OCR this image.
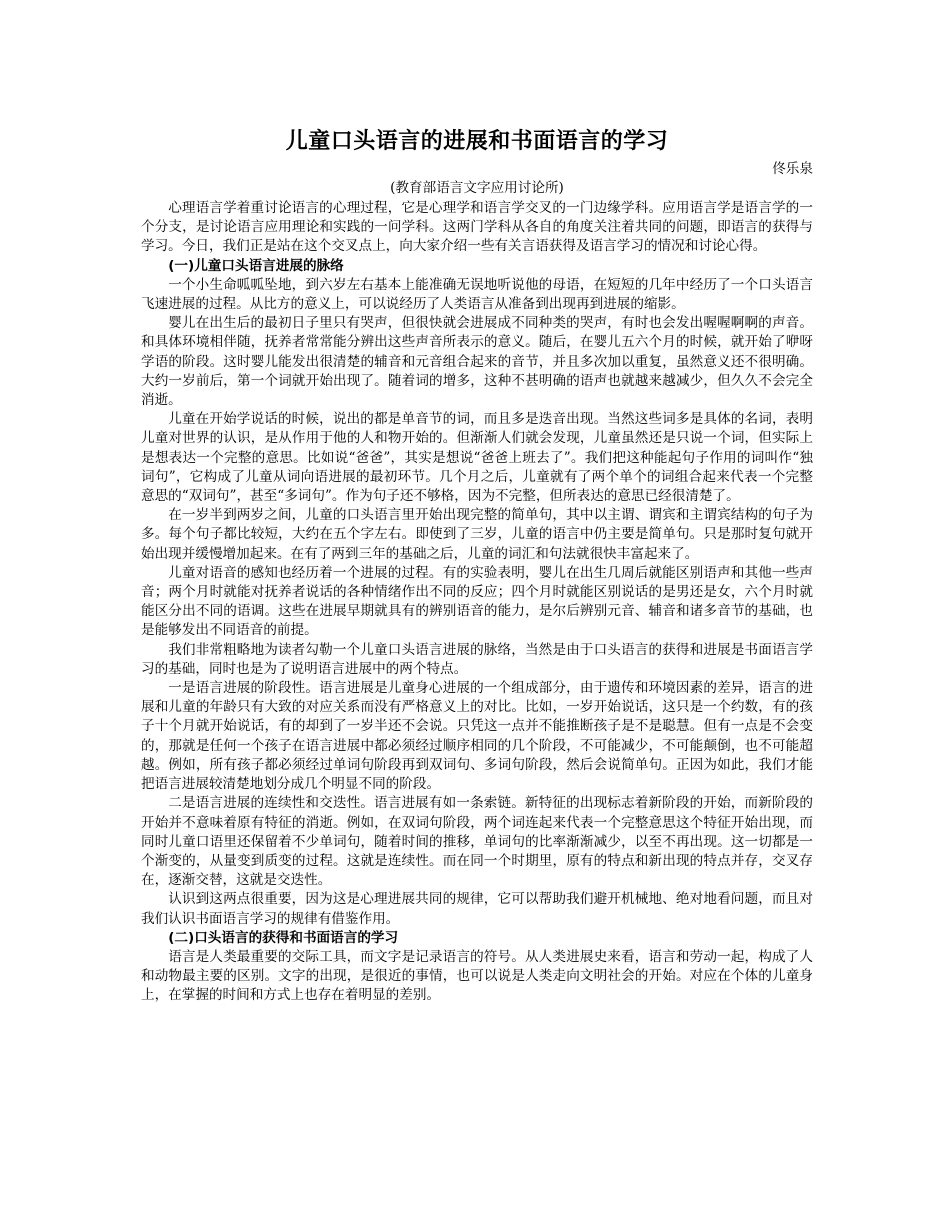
儿童口头语言的进展和书面语言的学习

佟乐泉

(教育部语言文字应用讨论所)

心理语言学着重讨论语言的心理过程，它是心理学和语言学交叉的一门边缘学科。应用语言学是语言学的一个分支，是讨论语言应用理论和实践的一问学科。这两门学科从各自的角度关注着共同的问题，即语言的获得与学习。今日，我们正是站在这个交叉点上，向大家介绍一些有关言语获得及语言学习的情况和讨论心得。

(一)儿童口头语言进展的脉络

一个小生命呱呱坠地，到六岁左右基本上能准确无误地听说他的母语，在短短的几年中经历了一个口头语言飞速进展的过程。从比方的意义上，可以说经历了人类语言从准备到出现再到进展的缩影。

婴儿在出生后的最初日子里只有哭声，但很快就会进展成不同种类的哭声，有时也会发出喔喔啊啊的声音。和具体环境相伴随，抚养者常常能分辨出这些声音所表示的意义。随后，在婴儿五六个月的时候，就开始了咿呀学语的阶段。这时婴儿能发出很清楚的辅音和元音组合起来的音节，并且多次加以重复，虽然意义还不很明确。大约一岁前后，第一个词就开始出现了。随着词的增多，这种不甚明确的语声也就越来越减少，但久久不会完全消逝。

儿童在开始学说话的时候，说出的都是单音节的词，而且多是迭音出现。当然这些词多是具体的名词，表明儿童对世界的认识，是从作用于他的人和物开始的。但渐渐人们就会发现，儿童虽然还是只说一个词，但实际上是想表达一个完整的意思。比如说“爸爸”，其实是想说“爸爸上班去了”。我们把这种能起句子作用的词叫作“独词句”，它构成了儿童从词向语进展的最初环节。几个月之后，儿童就有了两个单个的词组合起来代表一个完整意思的“双词句”，甚至“多词句”。作为句子还不够格，因为不完整，但所表达的意思已经很清楚了。

在一岁半到两岁之间，儿童的口头语言里开始出现完整的简单句，其中以主谓、谓宾和主谓宾结构的句子为多。每个句子都比较短，大约在五个字左右。即使到了三岁，儿童的语言中仍主要是简单句。只是那时复句就开始出现并缓慢增加起来。在有了两到三年的基础之后，儿童的词汇和句法就很快丰富起来了。

儿童对语音的感知也经历着一个进展的过程。有的实验表明，婴儿在出生几周后就能区别语声和其他一些声音；两个月时就能对抚养者说话的各种情绪作出不同的反应；四个月时就能区别说话的是男还是女，六个月时就能区分出不同的语调。这些在进展早期就具有的辨别语音的能力，是尔后辨别元音、辅音和诸多音节的基础，也是能够发出不同语音的前提。

我们非常粗略地为读者勾勒一个儿童口头语言进展的脉络，当然是由于口头语言的获得和进展是书面语言学习的基础，同时也是为了说明语言进展中的两个特点。

一是语言进展的阶段性。语言进展是儿童身心进展的一个组成部分，由于遗传和环境因素的差异，语言的进展和儿童的年龄只有大致的对应关系而没有严格意义上的对比。比如，一岁开始说话，这只是一个约数，有的孩子十个月就开始说话，有的却到了一岁半还不会说。只凭这一点并不能推断孩子是不是聪慧。但有一点是不会变的，那就是任何一个孩子在语言进展中都必须经过顺序相同的几个阶段，不可能减少，不可能颠倒，也不可能超越。例如，所有孩子都必须经过单词句阶段再到双词句、多词句阶段，然后会说简单句。正因为如此，我们才能把语言进展较清楚地划分成几个明显不同的阶段。

二是语言进展的连续性和交迭性。语言进展有如一条索链。新特征的出现标志着新阶段的开始，而新阶段的开始并不意味着原有特征的消逝。例如，在双词句阶段，两个词连起来代表一个完整意思这个特征开始出现，而同时儿童口语里还保留着不少单词句，随着时间的推移，单词句的比率渐渐减少，以至不再出现。这一切都是一个渐变的，从量变到质变的过程。这就是连续性。而在同一个时期里，原有的特点和新出现的特点并存，交叉存在，逐渐交替，这就是交迭性。

认识到这两点很重要，因为这是心理进展共同的规律，它可以帮助我们避开机械地、绝对地看问题，而且对我们认识书面语言学习的规律有借鉴作用。

(二)口头语言的获得和书面语言的学习

语言是人类最重要的交际工具，而文字是记录语言的符号。从人类进展史来看，语言和劳动一起，构成了人和动物最主要的区别。文字的出现，是很近的事情，也可以说是人类走向文明社会的开始。对应在个体的儿童身上，在掌握的时间和方式上也存在着明显的差别。
